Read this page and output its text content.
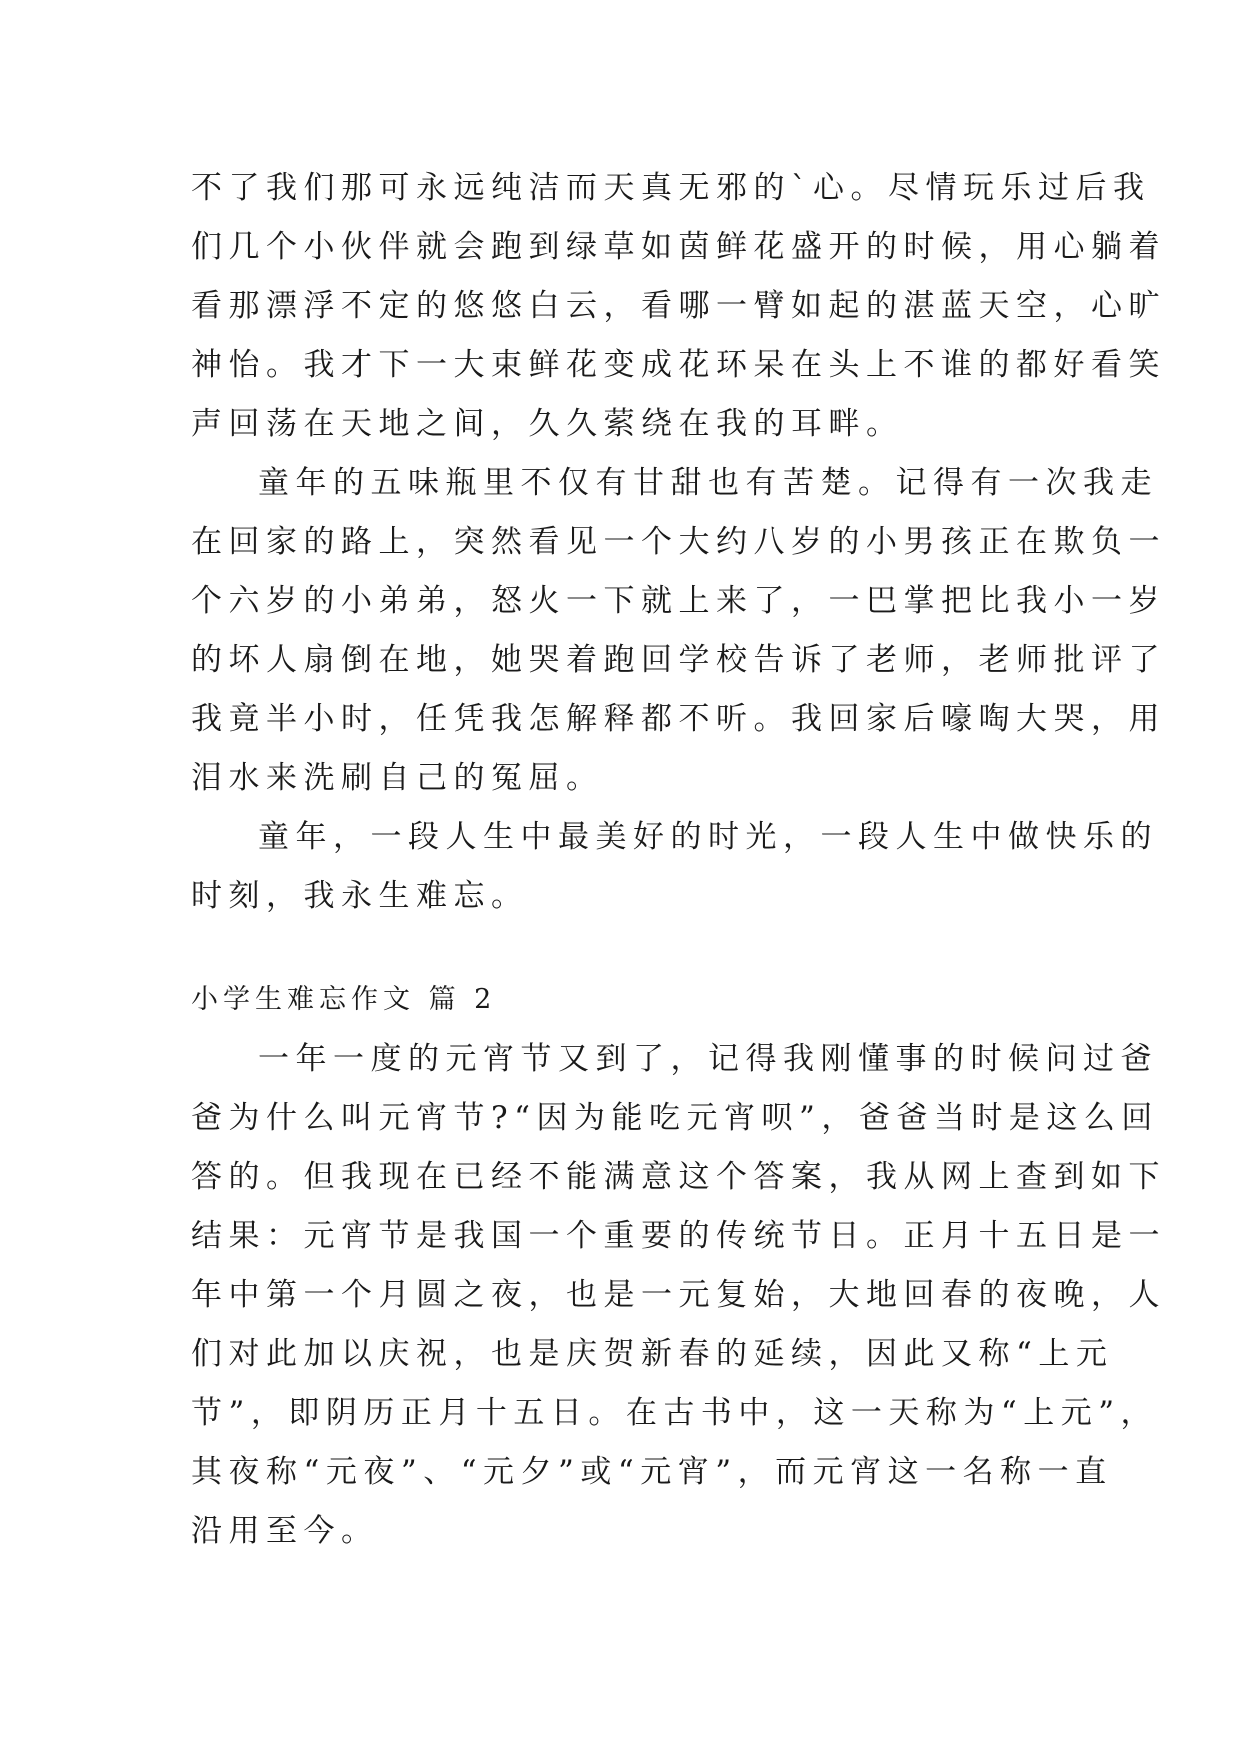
不了我们那可永远纯洁而天真无邪的`心。尽情玩乐过后我
们几个小伙伴就会跑到绿草如茵鲜花盛开的时候，用心躺着
看那漂浮不定的悠悠白云，看哪一臂如起的湛蓝天空，心旷
神怡。我才下一大束鲜花变成花环呆在头上不谁的都好看笑
声回荡在天地之间，久久萦绕在我的耳畔。
童年的五味瓶里不仅有甘甜也有苦楚。记得有一次我走
在回家的路上，突然看见一个大约八岁的小男孩正在欺负一
个六岁的小弟弟，怒火一下就上来了，一巴掌把比我小一岁
的坏人扇倒在地，她哭着跑回学校告诉了老师，老师批评了
我竟半小时，任凭我怎解释都不听。我回家后嚎啕大哭，用
泪水来洗刷自己的冤屈。
童年，一段人生中最美好的时光，一段人生中做快乐的
时刻，我永生难忘。
小学生难忘作文 篇 2
一年一度的元宵节又到了，记得我刚懂事的时候问过爸
爸为什么叫元宵节?“因为能吃元宵呗”，爸爸当时是这么回
答的。但我现在已经不能满意这个答案，我从网上查到如下
结果：元宵节是我国一个重要的传统节日。正月十五日是一
年中第一个月圆之夜，也是一元复始，大地回春的夜晚，人
们对此加以庆祝，也是庆贺新春的延续，因此又称“上元
节”，即阴历正月十五日。在古书中，这一天称为“上元”，
其夜称“元夜”、“元夕”或“元宵”，而元宵这一名称一直
沿用至今。
